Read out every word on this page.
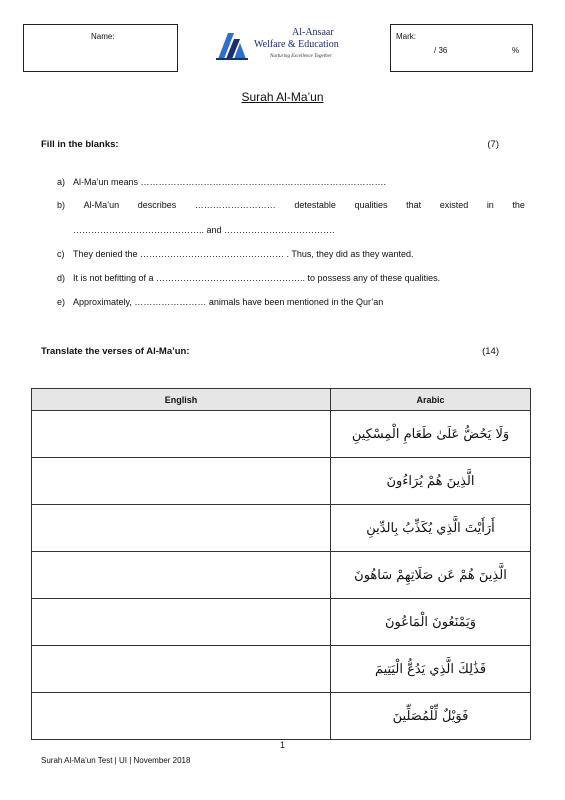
Name:	Al-Ansaar
Welfare & Education
Nurturing Excellence Together
Mark:
/ 36	%
Surah Al-Ma’un
Fill in the blanks:	(7)
a) Al-Ma’un means ……………………………………………………………………….
b) Al-Ma’un describes ……………………… detestable qualities that existed in the
…………………………………….. and ……………………………….
c) They denied the ………………………………………… . Thus, they did as they wanted.
d) It is not befitting of a ………………………………………….. to possess any of these qualities.
e) Approximately, …………………… animals have been mentioned in the Qur’an
Translate the verses of Al-Ma’un:	(14)
English	Arabic
	وَلَا يَحُضُّ عَلَىٰ طَعَامِ الْمِسْكِينِ
	الَّذِينَ هُمْ يُرَاءُونَ
	أَرَأَيْتَ الَّذِي يُكَذِّبُ بِالدِّينِ
	الَّذِينَ هُمْ عَن صَلَاتِهِمْ سَاهُونَ
	وَيَمْنَعُونَ الْمَاعُونَ
	فَذَٰلِكَ الَّذِي يَدُعُّ الْيَتِيمَ
	فَوَيْلٌ لِّلْمُصَلِّينَ
1
Surah Al-Ma’un Test | UI | November 2018
